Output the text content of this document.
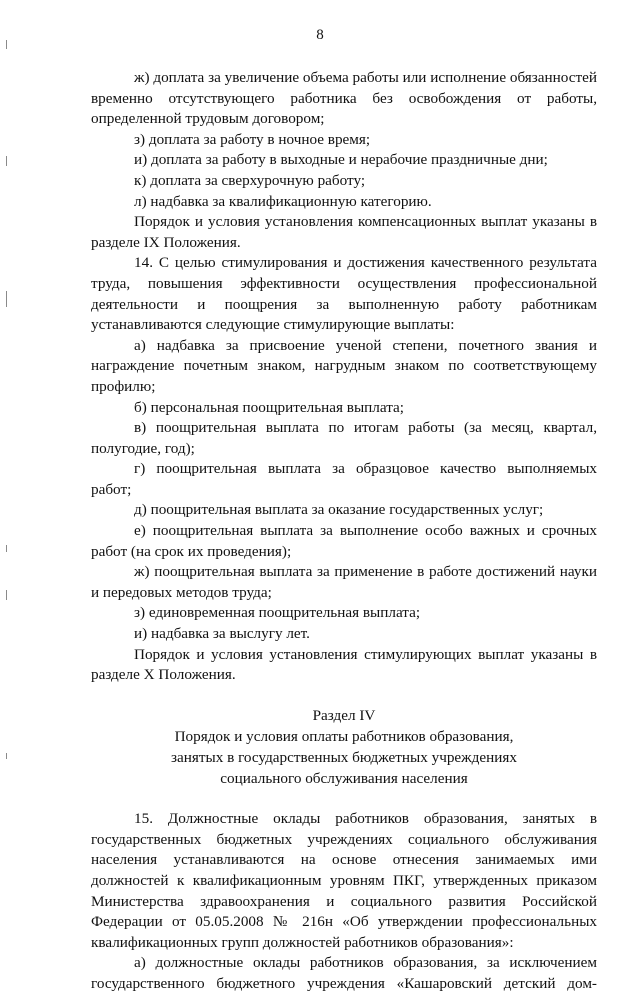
8

ж) доплата за увеличение объема работы или исполнение обязанностей временно отсутствующего работника без освобождения от работы, определенной трудовым договором;

з) доплата за работу в ночное время;

и) доплата за работу в выходные и нерабочие праздничные дни;

к) доплата за сверхурочную работу;

л) надбавка за квалификационную категорию.

Порядок и условия установления компенсационных выплат указаны в разделе IX Положения.

14. С целью стимулирования и достижения качественного результата труда, повышения эффективности осуществления профессиональной деятельности и поощрения за выполненную работу работникам устанавливаются следующие стимулирующие выплаты:

а) надбавка за присвоение ученой степени, почетного звания и награждение почетным знаком, нагрудным знаком по соответствующему профилю;

б) персональная поощрительная выплата;

в) поощрительная выплата по итогам работы (за месяц, квартал, полугодие, год);

г) поощрительная выплата за образцовое качество выполняемых работ;

д) поощрительная выплата за оказание государственных услуг;

е) поощрительная выплата за выполнение особо важных и срочных работ (на срок их проведения);

ж) поощрительная выплата за применение в работе достижений науки и передовых методов труда;

з) единовременная поощрительная выплата;

и) надбавка за выслугу лет.

Порядок и условия установления стимулирующих выплат указаны в разделе X Положения.

Раздел IV

Порядок и условия оплаты работников образования,

занятых в государственных бюджетных учреждениях

социального обслуживания населения

15. Должностные оклады работников образования, занятых в государственных бюджетных учреждениях социального обслуживания населения устанавливаются на основе отнесения занимаемых ими должностей к квалификационным уровням ПКГ, утвержденных приказом Министерства здравоохранения и социального развития Российской Федерации от 05.05.2008 № 216н «Об утверждении профессиональных квалификационных групп должностей работников образования»:

а) должностные оклады работников образования, за исключением

государственного бюджетного учреждения «Кашаровский детский дом-
